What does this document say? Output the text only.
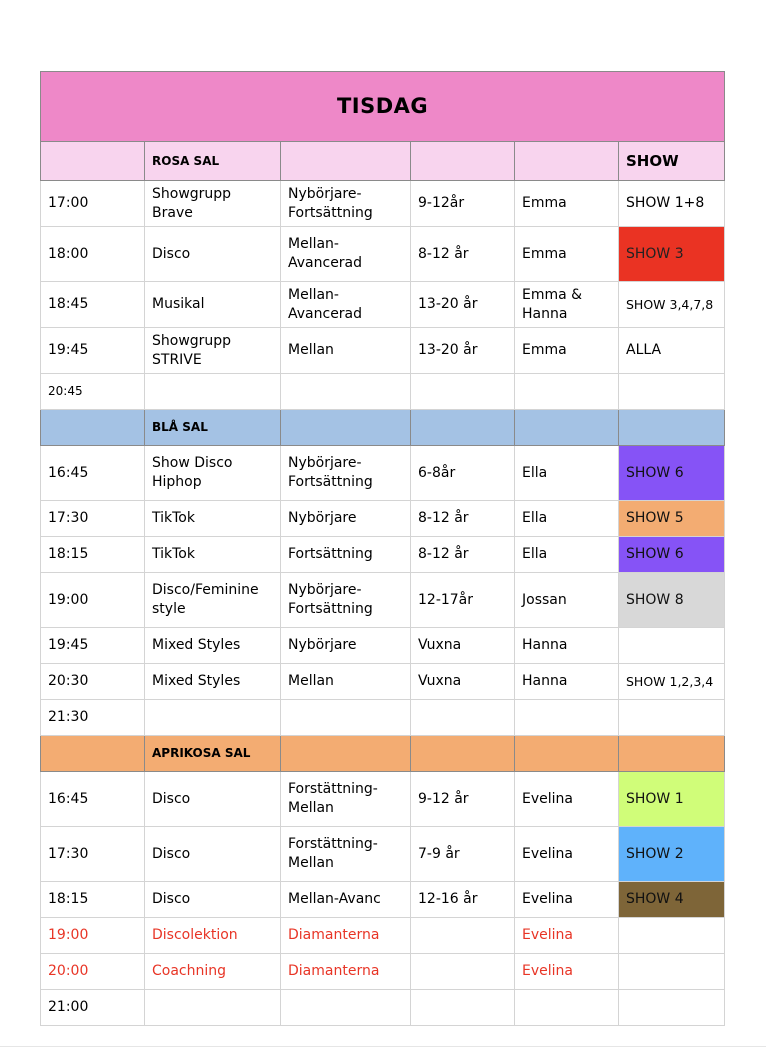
TISDAG					
	ROSA SAL				SHOW
17:00	Showgrupp Brave	Nybörjare-Fortsättning	9-12år	Emma	SHOW 1+8
18:00	Disco	Mellan-Avancerad	8-12 år	Emma	SHOW 3
18:45	Musikal	Mellan-Avancerad	13-20 år	Emma & Hanna	SHOW 3,4,7,8
19:45	Showgrupp STRIVE	Mellan	13-20 år	Emma	ALLA
20:45					
	BLÅ SAL				
16:45	Show Disco Hiphop	Nybörjare-Fortsättning	6-8år	Ella	SHOW 6
17:30	TikTok	Nybörjare	8-12 år	Ella	SHOW 5
18:15	TikTok	Fortsättning	8-12 år	Ella	SHOW 6
19:00	Disco/Feminine style	Nybörjare-Fortsättning	12-17år	Jossan	SHOW 8
19:45	Mixed Styles	Nybörjare	Vuxna	Hanna	
20:30	Mixed Styles	Mellan	Vuxna	Hanna	SHOW 1,2,3,4
21:30					
	APRIKOSA SAL				
16:45	Disco	Forstättning-Mellan	9-12 år	Evelina	SHOW 1
17:30	Disco	Forstättning-Mellan	7-9 år	Evelina	SHOW 2
18:15	Disco	Mellan-Avanc	12-16 år	Evelina	SHOW 4
19:00	Discolektion	Diamanterna		Evelina	
20:00	Coachning	Diamanterna		Evelina	
21:00					
